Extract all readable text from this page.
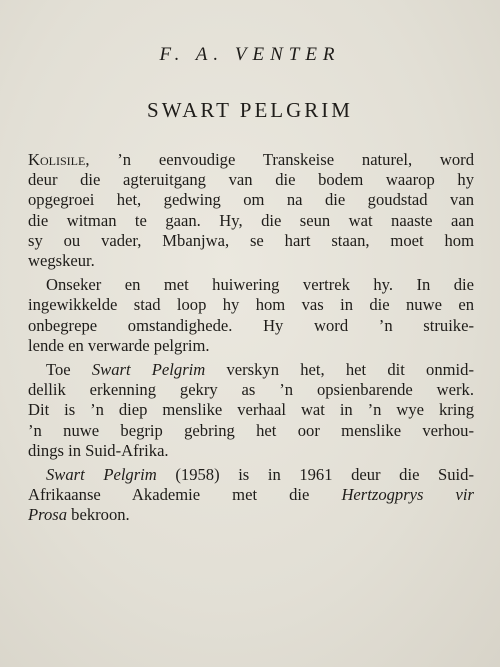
F. A. VENTER
SWART PELGRIM
Kolisile, ’n eenvoudige Transkeise naturel, word
deur die agteruitgang van die bodem waarop hy
opgegroei het, gedwing om na die goudstad van
die witman te gaan. Hy, die seun wat naaste aan
sy ou vader, Mbanjwa, se hart staan, moet hom
wegskeur.
Onseker en met huiwering vertrek hy. In die
ingewikkelde stad loop hy hom vas in die nuwe en
onbegrepe omstandighede. Hy word ’n struike-
lende en verwarde pelgrim.
Toe Swart Pelgrim verskyn het, het dit onmid-
dellik erkenning gekry as ’n opsienbarende werk.
Dit is ’n diep menslike verhaal wat in ’n wye kring
’n nuwe begrip gebring het oor menslike verhou-
dings in Suid-Afrika.
Swart Pelgrim (1958) is in 1961 deur die Suid-
Afrikaanse Akademie met die Hertzogprys vir
Prosa bekroon.
